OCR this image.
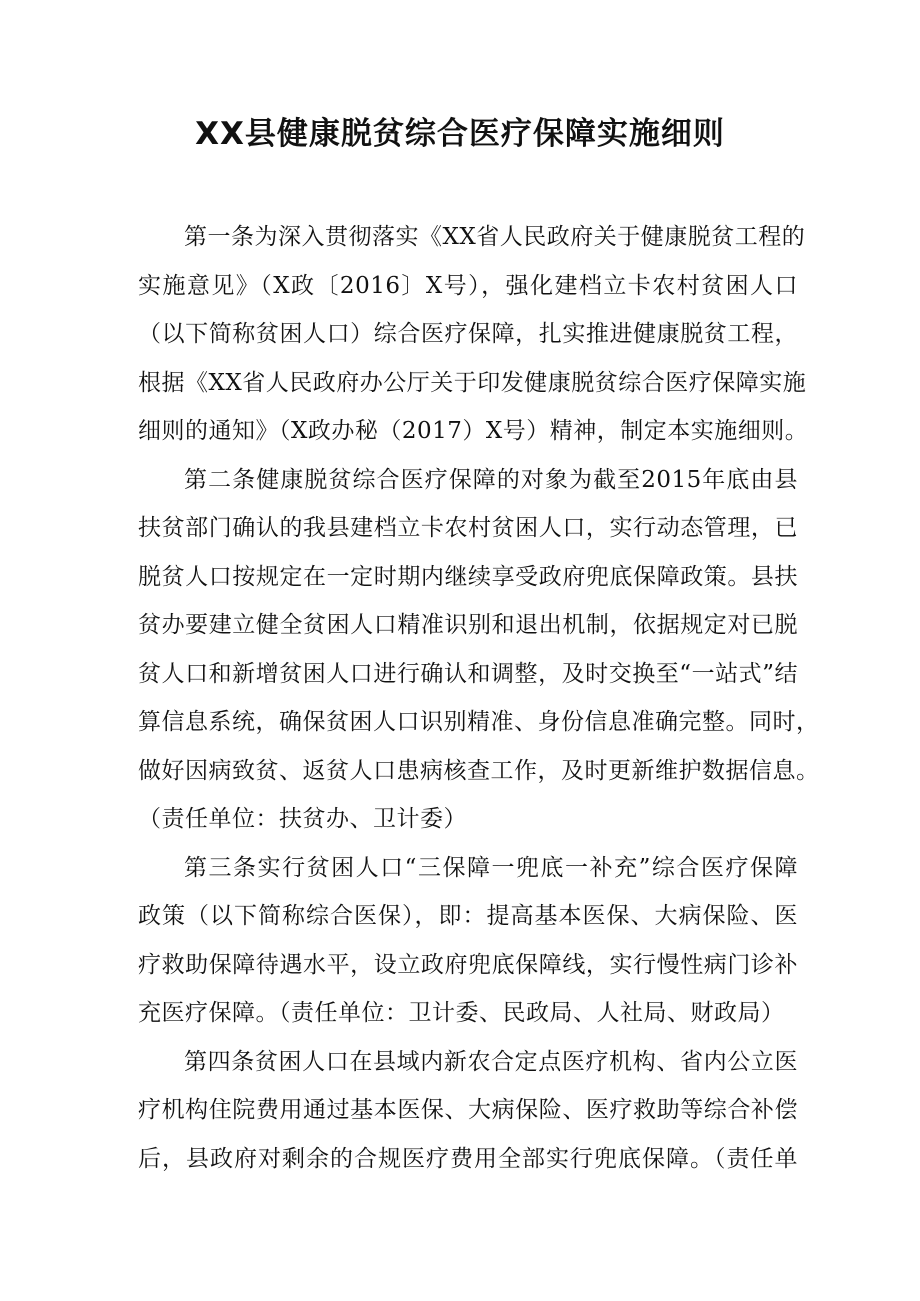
XX县健康脱贫综合医疗保障实施细则
第一条为深入贯彻落实《XX省人民政府关于健康脱贫工程的
实施意见》（X政〔2016〕X号），强化建档立卡农村贫困人口
（以下简称贫困人口）综合医疗保障，扎实推进健康脱贫工程，
根据《XX省人民政府办公厅关于印发健康脱贫综合医疗保障实施
细则的通知》（X政办秘（2017）X号）精神，制定本实施细则。
第二条健康脱贫综合医疗保障的对象为截至2015年底由县
扶贫部门确认的我县建档立卡农村贫困人口，实行动态管理，已
脱贫人口按规定在一定时期内继续享受政府兜底保障政策。县扶
贫办要建立健全贫困人口精准识别和退出机制，依据规定对已脱
贫人口和新增贫困人口进行确认和调整，及时交换至“一站式”结
算信息系统，确保贫困人口识别精准、身份信息准确完整。同时，
做好因病致贫、返贫人口患病核查工作，及时更新维护数据信息。
（责任单位：扶贫办、卫计委）
第三条实行贫困人口“三保障一兜底一补充”综合医疗保障
政策（以下简称综合医保），即：提高基本医保、大病保险、医
疗救助保障待遇水平，设立政府兜底保障线，实行慢性病门诊补
充医疗保障。（责任单位：卫计委、民政局、人社局、财政局）
第四条贫困人口在县域内新农合定点医疗机构、省内公立医
疗机构住院费用通过基本医保、大病保险、医疗救助等综合补偿
后，县政府对剩余的合规医疗费用全部实行兜底保障。（责任单
